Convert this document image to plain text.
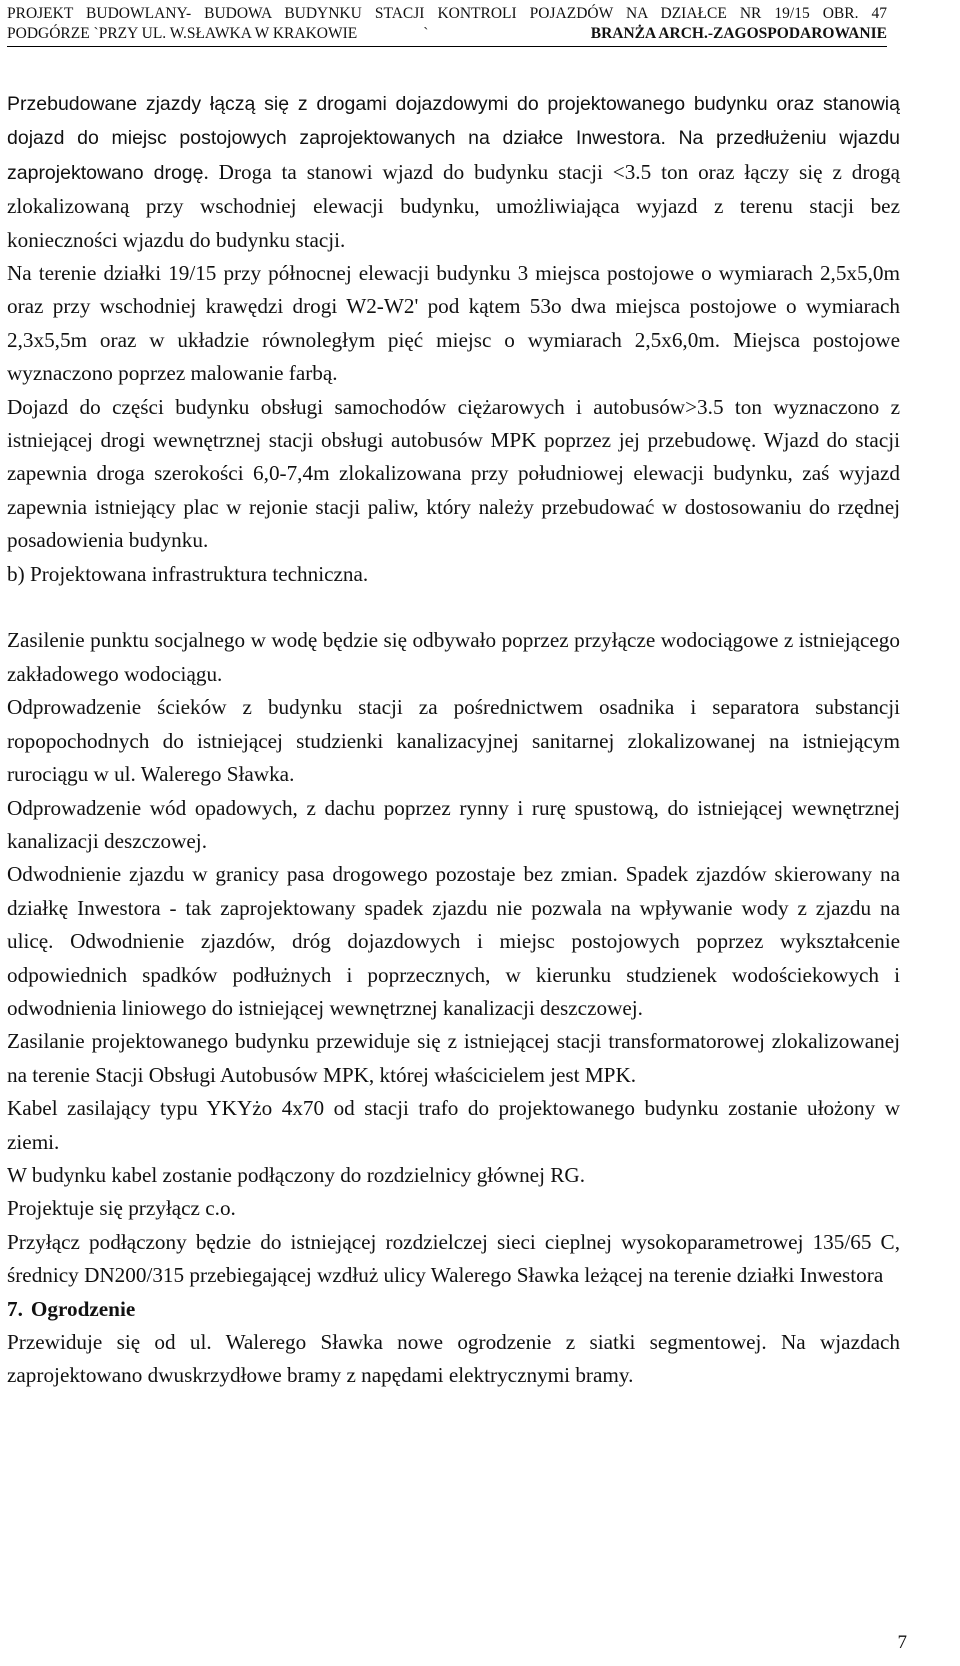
PROJEKT BUDOWLANY- BUDOWA BUDYNKU STACJI KONTROLI POJAZDÓW NA DZIAŁCE NR 19/15 OBR. 47
PODGÓRZE `PRZY UL. W.SŁAWKA W KRAKOWIE	`	BRANŻA ARCH.-ZAGOSPODAROWANIE

Przebudowane zjazdy łączą się z drogami dojazdowymi do projektowanego budynku oraz stanowią dojazd do miejsc postojowych zaprojektowanych na działce Inwestora. Na przedłużeniu wjazdu zaprojektowano drogę. Droga ta stanowi wjazd do budynku stacji <3.5 ton oraz łączy się z drogą zlokalizowaną przy wschodniej elewacji budynku, umożliwiająca wyjazd z terenu stacji bez konieczności wjazdu do budynku stacji.

Na terenie działki 19/15 przy północnej elewacji budynku 3 miejsca postojowe o wymiarach 2,5x5,0m oraz przy wschodniej krawędzi drogi W2-W2' pod kątem 53o dwa miejsca postojowe o wymiarach 2,3x5,5m oraz w układzie równoległym pięć miejsc o wymiarach 2,5x6,0m. Miejsca postojowe wyznaczono poprzez malowanie farbą.

Dojazd do części budynku obsługi samochodów ciężarowych i autobusów>3.5 ton wyznaczono z istniejącej drogi wewnętrznej stacji obsługi autobusów MPK poprzez jej przebudowę. Wjazd do stacji zapewnia droga szerokości 6,0-7,4m zlokalizowana przy południowej elewacji budynku, zaś wyjazd zapewnia istniejący plac w rejonie stacji paliw, który należy przebudować w dostosowaniu do rzędnej posadowienia budynku.

b) Projektowana infrastruktura techniczna.

Zasilenie punktu socjalnego w wodę będzie się odbywało poprzez przyłącze wodociągowe z istniejącego zakładowego wodociągu.

Odprowadzenie ścieków z budynku stacji za pośrednictwem osadnika i separatora substancji ropopochodnych do istniejącej studzienki kanalizacyjnej sanitarnej zlokalizowanej na istniejącym rurociągu w ul. Walerego Sławka.

Odprowadzenie wód opadowych, z dachu poprzez rynny i rurę spustową, do istniejącej wewnętrznej kanalizacji deszczowej.

Odwodnienie zjazdu w granicy pasa drogowego pozostaje bez zmian. Spadek zjazdów skierowany na działkę Inwestora - tak zaprojektowany spadek zjazdu nie pozwala na wpływanie wody z zjazdu na ulicę. Odwodnienie zjazdów, dróg dojazdowych i miejsc postojowych poprzez wykształcenie odpowiednich spadków podłużnych i poprzecznych, w kierunku studzienek wodościekowych i odwodnienia liniowego do istniejącej wewnętrznej kanalizacji deszczowej.

Zasilanie projektowanego budynku przewiduje się z istniejącej stacji transformatorowej zlokalizowanej na terenie Stacji Obsługi Autobusów MPK, której właścicielem jest MPK.

Kabel zasilający typu YKYżo 4x70 od stacji trafo do projektowanego budynku zostanie ułożony w ziemi.

W budynku kabel zostanie podłączony do rozdzielnicy głównej RG.

Projektuje się przyłącz c.o.

Przyłącz podłączony będzie do istniejącej rozdzielczej sieci cieplnej wysokoparametrowej 135/65 C, średnicy DN200/315 przebiegającej wzdłuż ulicy Walerego Sławka leżącej na terenie działki Inwestora

7. Ogrodzenie

Przewiduje się od ul. Walerego Sławka nowe ogrodzenie z siatki segmentowej. Na wjazdach zaprojektowano dwuskrzydłowe bramy z napędami elektrycznymi bramy.

7
